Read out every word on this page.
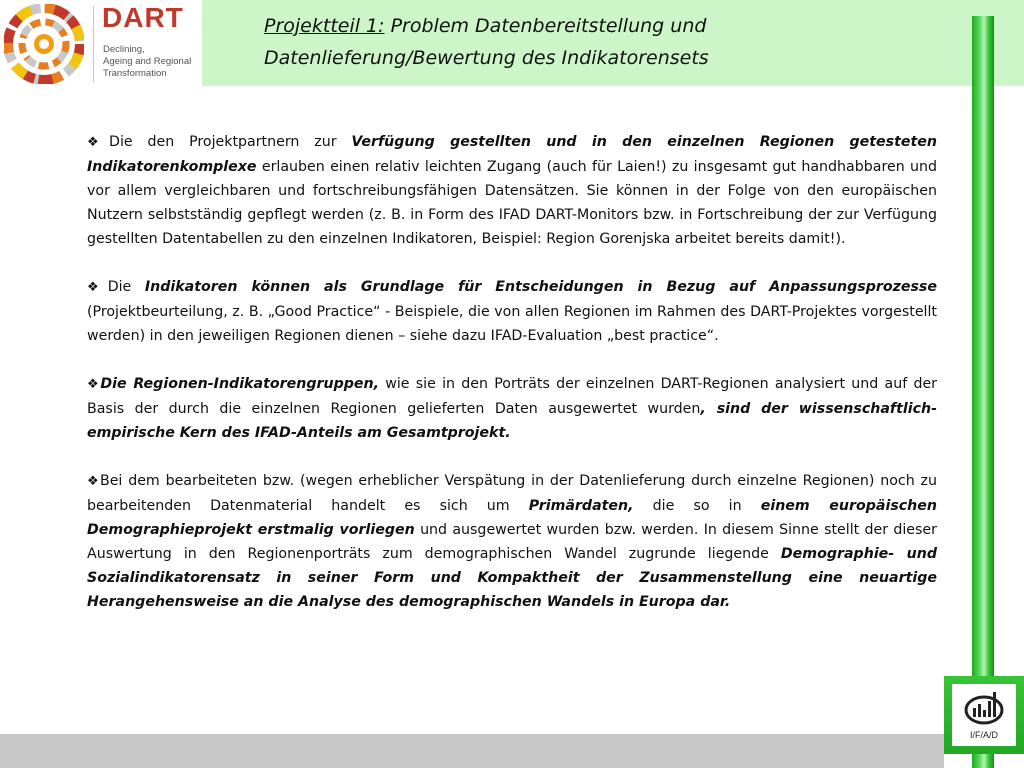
DART
Declining,
Ageing and Regional
Transformation
Projektteil 1: Problem Datenbereitstellung und Datenlieferung/Bewertung des Indikatorensets

❖Die den Projektpartnern zur Verfügung gestellten und in den einzelnen Regionen getesteten Indikatorenkomplexe erlauben einen relativ leichten Zugang (auch für Laien!) zu insgesamt gut handhabbaren und vor allem vergleichbaren und fortschreibungsfähigen Datensätzen. Sie können in der Folge von den europäischen Nutzern selbstständig gepflegt werden (z. B. in Form des IFAD DART-Monitors bzw. in Fortschreibung der zur Verfügung gestellten Datentabellen zu den einzelnen Indikatoren, Beispiel: Region Gorenjska arbeitet bereits damit!).

❖Die Indikatoren können als Grundlage für Entscheidungen in Bezug auf Anpassungsprozesse (Projektbeurteilung, z. B. „Good Practice“ - Beispiele, die von allen Regionen im Rahmen des DART-Projektes vorgestellt werden) in den jeweiligen Regionen dienen – siehe dazu IFAD-Evaluation „best practice“.

❖Die Regionen-Indikatorengruppen, wie sie in den Porträts der einzelnen DART-Regionen analysiert und auf der Basis der durch die einzelnen Regionen gelieferten Daten ausgewertet wurden, sind der wissenschaftlich-empirische Kern des IFAD-Anteils am Gesamtprojekt.

❖Bei dem bearbeiteten bzw. (wegen erheblicher Verspätung in der Datenlieferung durch einzelne Regionen) noch zu bearbeitenden Datenmaterial handelt es sich um Primärdaten, die so in einem europäischen Demographieprojekt erstmalig vorliegen und ausgewertet wurden bzw. werden. In diesem Sinne stellt der dieser Auswertung in den Regionenporträts zum demographischen Wandel zugrunde liegende Demographie- und Sozialindikatorensatz in seiner Form und Kompaktheit der Zusammenstellung eine neuartige Herangehensweise an die Analyse des demographischen Wandels in Europa dar.

I/F/A/D
